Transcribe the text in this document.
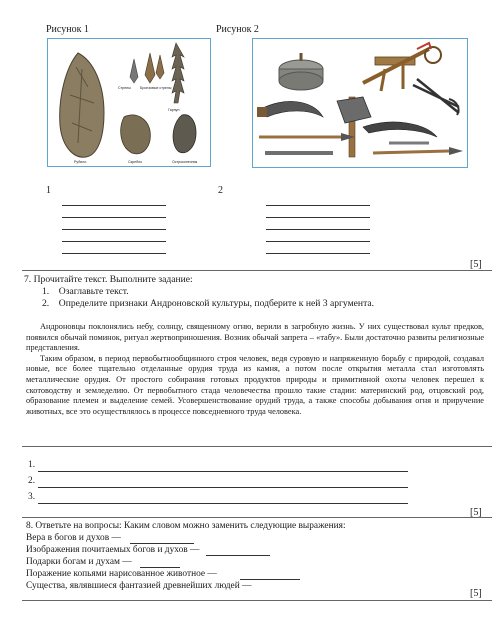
Рисунок 1	Рисунок 2
Стрелы	Бронзовые стрелы
Гарпун
Рубило	Скребло	Остроконечник
1	2
[5]
7. Прочитайте текст. Выполните задание:
1. Озаглавьте текст.
2. Определите признаки Андроновской культуры, подберите к ней 3 аргумента.

Андроновцы поклонялись небу, солнцу, священному огню, верили в загробную жизнь. У них существовал культ предков, появился обычай поминок, ритуал жертвоприношения. Возник обычай запрета – «табу». Были достаточно развиты религиозные представления.

Таким образом, в период первобытнообщинного строя человек, ведя суровую и напряженную борьбу с природой, создавал новые, все более тщательно отделанные орудия труда из камня, а потом после открытия металла стал изготовлять металлические орудия. От простого собирания готовых продуктов природы и примитивной охоты человек перешел к скотоводству и земледелию. От первобытного стада человечества прошло такие стадии: материнский род, отцовский род, образование племен и выделение семей. Усовершенствование орудий труда, а также способы добывания огня и приручение животных, все это осуществлялось в процессе повседневного труда человека.

1.
2.
3.
[5]
8. Ответьте на вопросы: Каким словом можно заменить следующие выражения:
Вера в богов и духов —
Изображения почитаемых богов и духов —
Подарки богам и духам —
Поражение копьями нарисованное животное —
Существа, являвшиеся фантазией древнейших людей —
[5]
